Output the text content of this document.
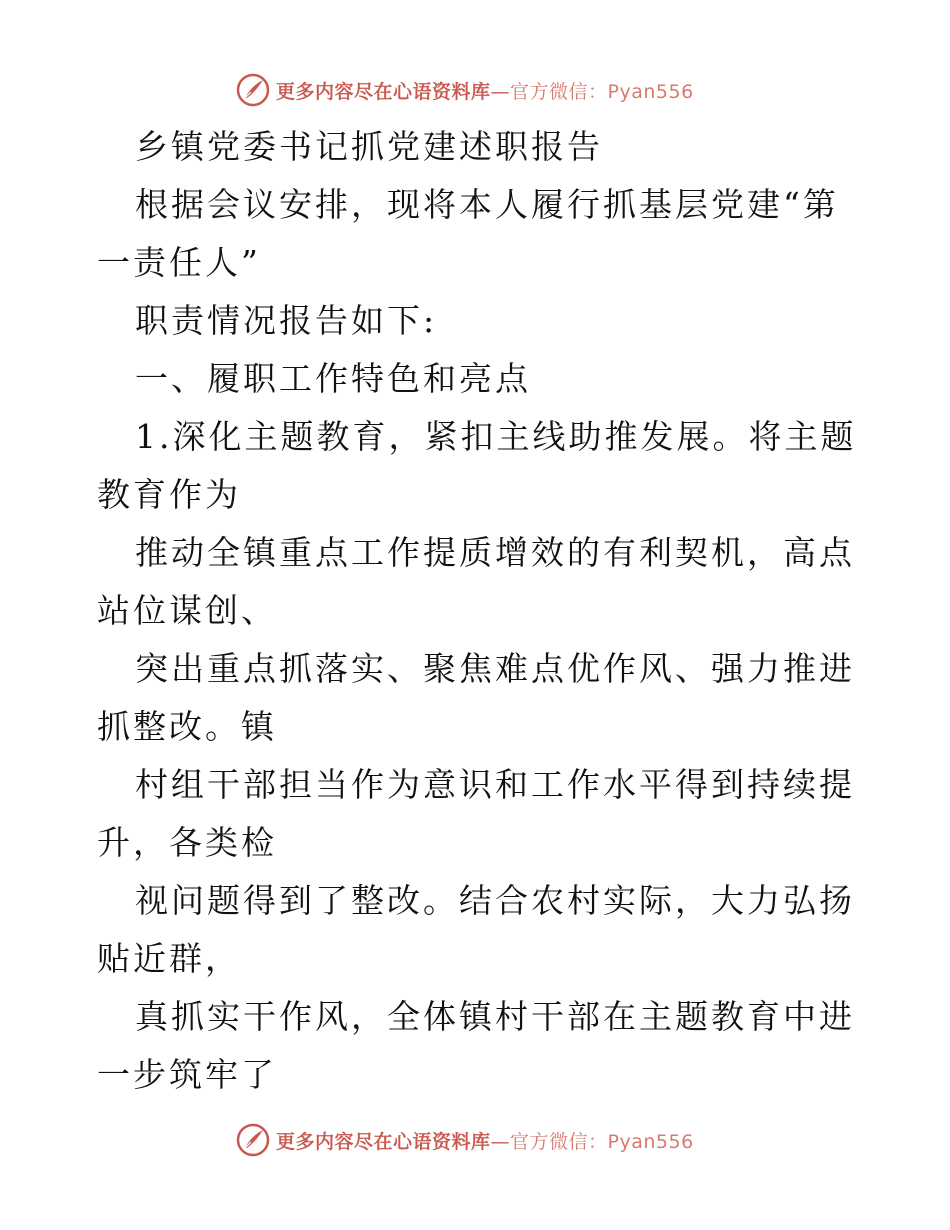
更多内容尽在心语资料库—官方微信：Pyan556

乡镇党委书记抓党建述职报告

根据会议安排，现将本人履行抓基层党建“第一责任人”

职责情况报告如下:

一、履职工作特色和亮点

1.深化主题教育，紧扣主线助推发展。将主题教育作为

推动全镇重点工作提质增效的有利契机，高点站位谋创、

突出重点抓落实、聚焦难点优作风、强力推进抓整改。镇

村组干部担当作为意识和工作水平得到持续提升，各类检

视问题得到了整改。结合农村实际，大力弘扬贴近群，

真抓实干作风，全体镇村干部在主题教育中进一步筑牢了

更多内容尽在心语资料库—官方微信：Pyan556
